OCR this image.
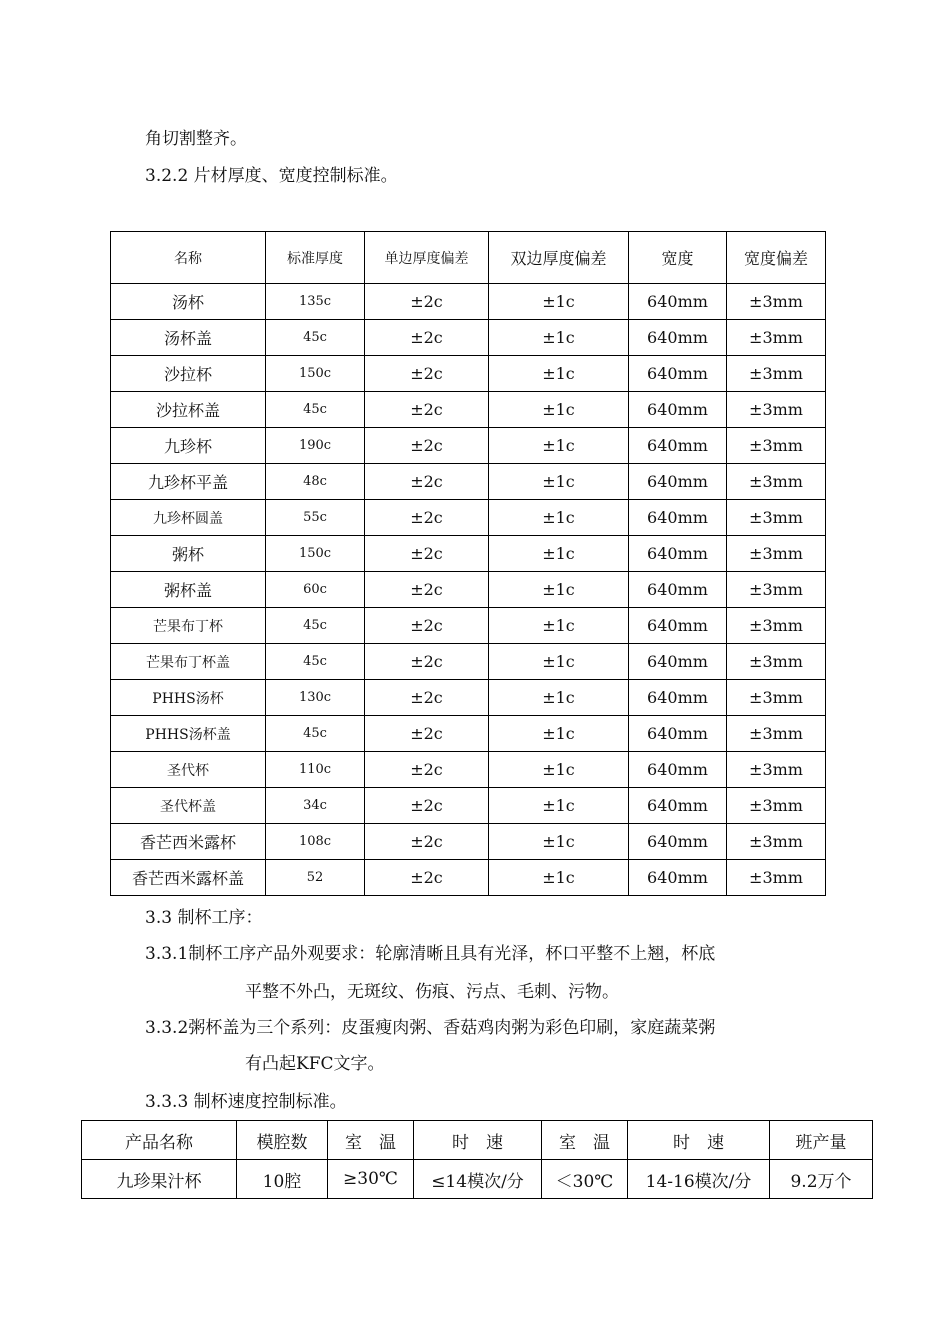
角切割整齐。
3.2.2 片材厚度、宽度控制标准。
名称	标准厚度	单边厚度偏差	双边厚度偏差	宽度	宽度偏差
汤杯	135c	±2c	±1c	640mm	±3mm
汤杯盖	45c	±2c	±1c	640mm	±3mm
沙拉杯	150c	±2c	±1c	640mm	±3mm
沙拉杯盖	45c	±2c	±1c	640mm	±3mm
九珍杯	190c	±2c	±1c	640mm	±3mm
九珍杯平盖	48c	±2c	±1c	640mm	±3mm
九珍杯圆盖	55c	±2c	±1c	640mm	±3mm
粥杯	150c	±2c	±1c	640mm	±3mm
粥杯盖	60c	±2c	±1c	640mm	±3mm
芒果布丁杯	45c	±2c	±1c	640mm	±3mm
芒果布丁杯盖	45c	±2c	±1c	640mm	±3mm
PHHS汤杯	130c	±2c	±1c	640mm	±3mm
PHHS汤杯盖	45c	±2c	±1c	640mm	±3mm
圣代杯	110c	±2c	±1c	640mm	±3mm
圣代杯盖	34c	±2c	±1c	640mm	±3mm
香芒西米露杯	108c	±2c	±1c	640mm	±3mm
香芒西米露杯盖	52	±2c	±1c	640mm	±3mm
3.3 制杯工序：
3.3.1制杯工序产品外观要求：轮廓清晰且具有光泽，杯口平整不上翘，杯底
平整不外凸，无斑纹、伤痕、污点、毛刺、污物。
3.3.2粥杯盖为三个系列：皮蛋瘦肉粥、香菇鸡肉粥为彩色印刷，家庭蔬菜粥
有凸起KFC文字。
3.3.3 制杯速度控制标准。
产品名称	模腔数	室　温	时　速	室　温	时　速	班产量
九珍果汁杯	10腔	≥30℃	≤14模次/分	＜30℃	14-16模次/分	9.2万个
